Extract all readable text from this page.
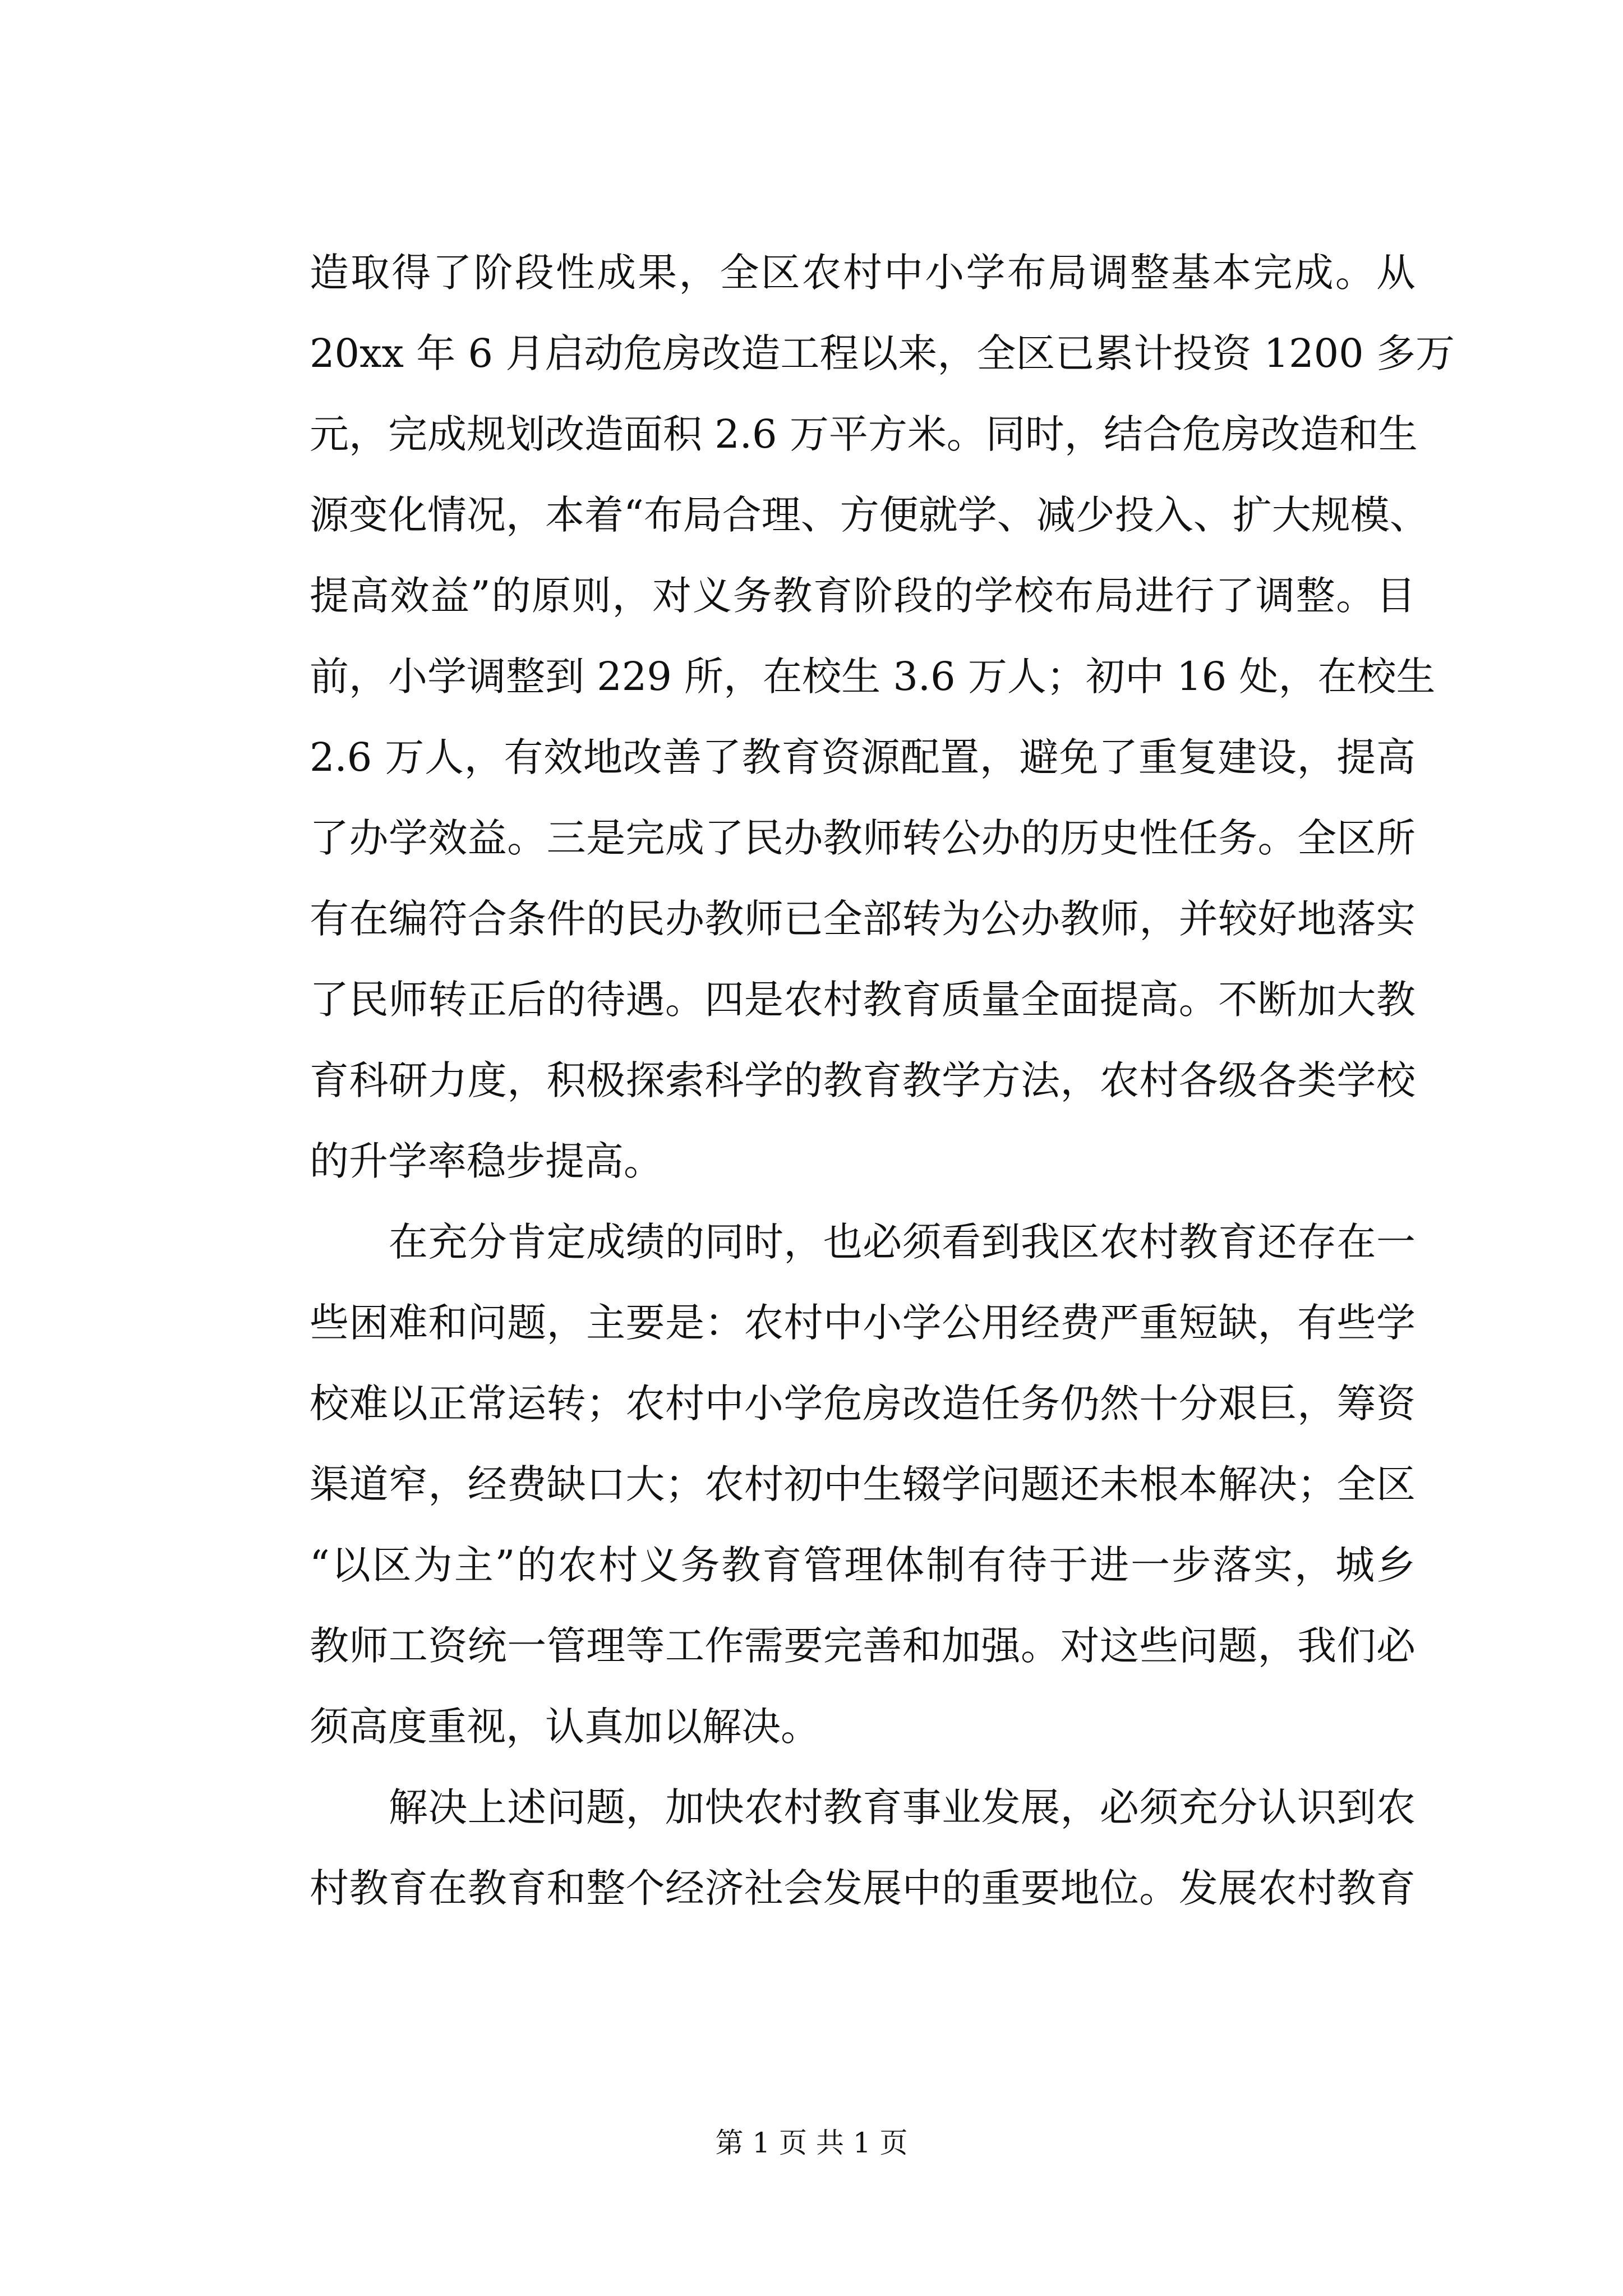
造取得了阶段性成果，全区农村中小学布局调整基本完成。从
20xx 年 6 月启动危房改造工程以来，全区已累计投资 1200 多万
元，完成规划改造面积 2.6 万平方米。同时，结合危房改造和生
源变化情况，本着“布局合理、方便就学、减少投入、扩大规模、
提高效益”的原则，对义务教育阶段的学校布局进行了调整。目
前，小学调整到 229 所，在校生 3.6 万人；初中 16 处，在校生
2.6 万人，有效地改善了教育资源配置，避免了重复建设，提高
了办学效益。三是完成了民办教师转公办的历史性任务。全区所
有在编符合条件的民办教师已全部转为公办教师，并较好地落实
了民师转正后的待遇。四是农村教育质量全面提高。不断加大教
育科研力度，积极探索科学的教育教学方法，农村各级各类学校
的升学率稳步提高。
　　在充分肯定成绩的同时，也必须看到我区农村教育还存在一
些困难和问题，主要是：农村中小学公用经费严重短缺，有些学
校难以正常运转；农村中小学危房改造任务仍然十分艰巨，筹资
渠道窄，经费缺口大；农村初中生辍学问题还未根本解决；全区
“以区为主”的农村义务教育管理体制有待于进一步落实，城乡
教师工资统一管理等工作需要完善和加强。对这些问题，我们必
须高度重视，认真加以解决。
　　解决上述问题，加快农村教育事业发展，必须充分认识到农
村教育在教育和整个经济社会发展中的重要地位。发展农村教育
第 1 页 共 1 页
